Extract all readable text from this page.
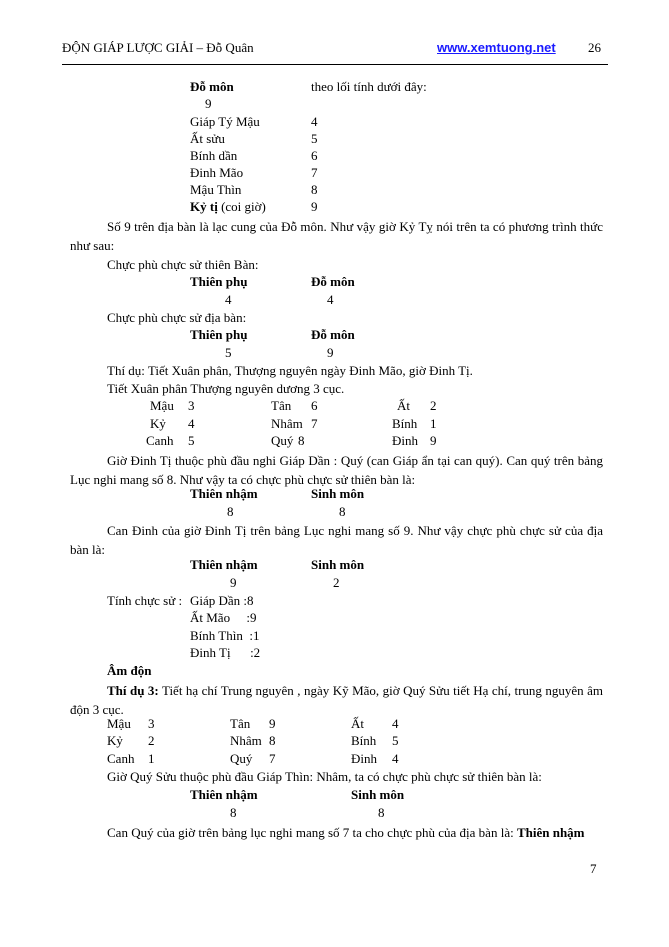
ĐỘN GIÁP LƯỢC GIẢI – Đỗ Quân	www.xemtuong.net 26
Đỗ môn	theo lối tính dưới đây:
9
Giáp Tý Mậu	4
Ất sửu	5
Bính dần	6
Đinh Mão	7
Mậu Thìn	8
Kỷ tị (coi giờ)	9
Số 9 trên địa bàn là lạc cung của Đỗ môn. Như vậy giờ Kỷ Tỵ nói trên ta có phương trình thức như sau:
Chực phù chực sử thiên Bàn:
Thiên phụ	Đỗ môn
4	4
Chực phù chực sử địa bàn:
Thiên phụ	Đỗ môn
5	9
Thí dụ: Tiết Xuân phân, Thượng nguyên ngày Đinh Mão, giờ Đinh Tị.
Tiết Xuân phân Thượng nguyên dương 3 cục.
Mậu 3	Tân 6	Ất 2
Kỷ 4	Nhâm 7	Bính 1
Canh 5	Quý 8	Đinh 9
Giờ Đinh Tị thuộc phù đầu nghi Giáp Dần : Quý (can Giáp ẩn tại can quý). Can quý trên bảng Lục nghi mang số 8. Như vậy ta có chực phù chực sử thiên bàn là:
Thiên nhậm	Sinh môn
8	8
Can Đinh của giờ Đinh Tị trên bảng Lục nghi mang số 9. Như vậy chực phù chực sử của địa bàn là:
Thiên nhậm	Sinh môn
9	2
Tính chực sử : Giáp Dần :8
Ất Mão     :9
Bính Thìn  :1
Đinh Tị      :2
Âm độn
Thí dụ 3: Tiết hạ chí Trung nguyên , ngày Kỹ Mão, giờ Quý Sửu tiết Hạ chí, trung nguyên âm độn 3 cục.
Mậu 3	Tân 9	Ất 4
Kỷ 2	Nhâm 8	Bính 5
Canh 1	Quý 7	Đinh 4
Giờ Quý Sửu thuộc phù đầu Giáp Thìn: Nhâm, ta có chực phù chực sử thiên bàn là:
Thiên nhậm	Sinh môn
8	8
Can Quý của giờ trên bảng lục nghi mang số 7 ta cho chực phù của địa bàn là: Thiên nhậm
7
